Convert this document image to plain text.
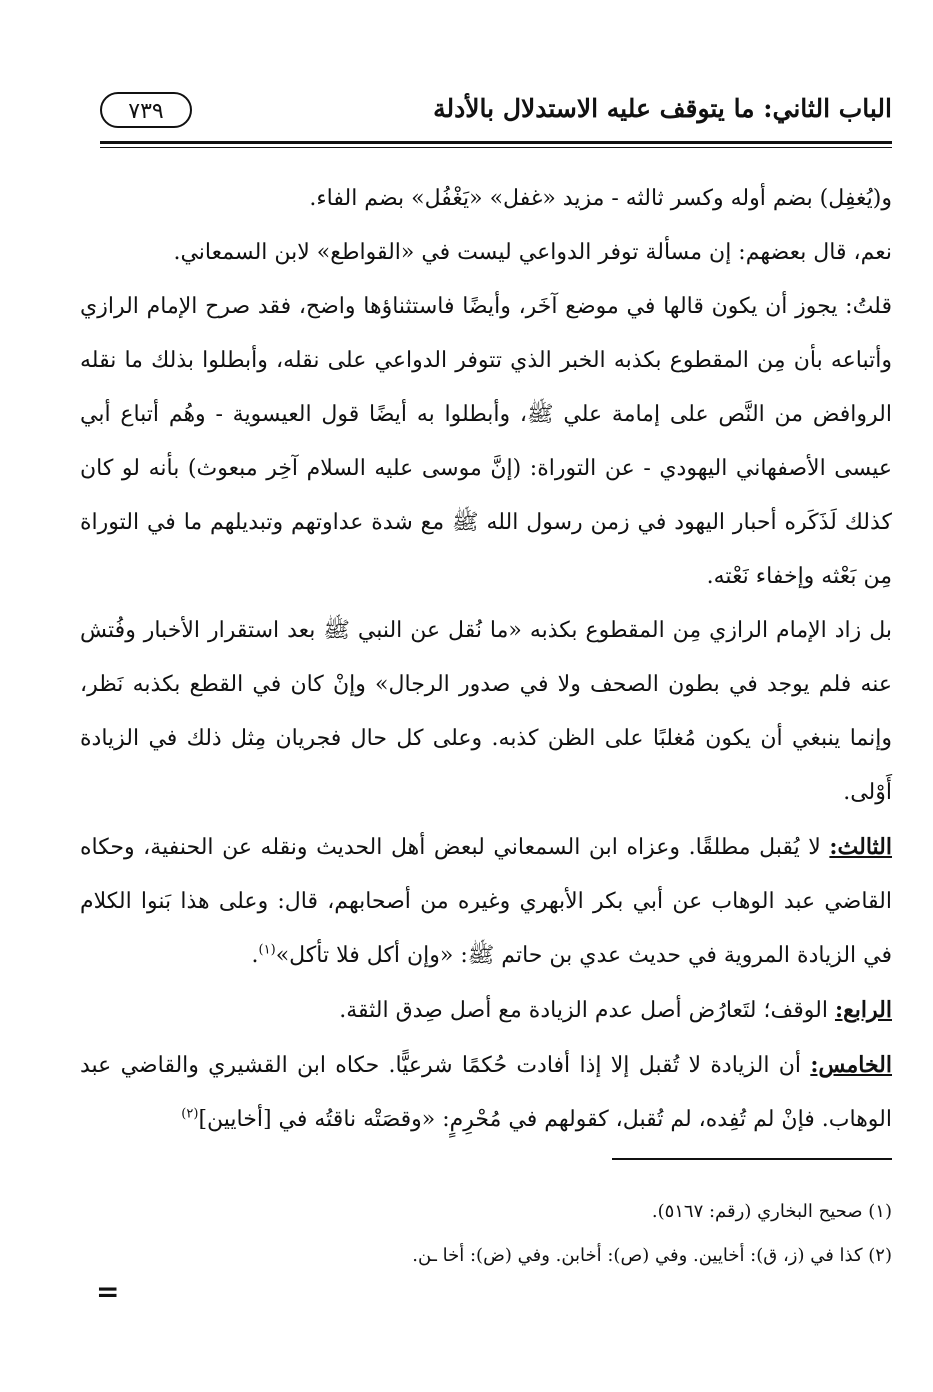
الباب الثاني: ما يتوقف عليه الاستدلال بالأدلة
٧٣٩

و(يُغفِل) بضم أوله وكسر ثالثه - مزيد «غفل» «يَغْفُل» بضم الفاء.

نعم، قال بعضهم: إن مسألة توفر الدواعي ليست في «القواطع» لابن السمعاني.

قلتُ: يجوز أن يكون قالها في موضع آخَر، وأيضًا فاستثناؤها واضح، فقد صرح الإمام الرازي وأتباعه بأن مِن المقطوع بكذبه الخبر الذي تتوفر الدواعي على نقله، وأبطلوا بذلك ما نقله الروافض من النَّص على إمامة علي ﷺ، وأبطلوا به أيضًا قول العيسوية - وهُم أتباع أبي عيسى الأصفهاني اليهودي - عن التوراة: (إنَّ موسى عليه السلام آخِر مبعوث) بأنه لو كان كذلك لَذَكَره أحبار اليهود في زمن رسول الله ﷺ مع شدة عداوتهم وتبديلهم ما في التوراة مِن بَعْثه وإخفاء نَعْته.

بل زاد الإمام الرازي مِن المقطوع بكذبه «ما نُقل عن النبي ﷺ بعد استقرار الأخبار وفُتش عنه فلم يوجد في بطون الصحف ولا في صدور الرجال» وإنْ كان في القطع بكذبه نَظر، وإنما ينبغي أن يكون مُغلبًا على الظن كذبه. وعلى كل حال فجريان مِثل ذلك في الزيادة أَوْلى.

الثالث: لا يُقبل مطلقًا. وعزاه ابن السمعاني لبعض أهل الحديث ونقله عن الحنفية، وحكاه القاضي عبد الوهاب عن أبي بكر الأبهري وغيره من أصحابهم، قال: وعلى هذا بَنوا الكلام في الزيادة المروية في حديث عدي بن حاتم ﷺ: «وإن أكل فلا تأكل»$^{(١)}$.

الرابع: الوقف؛ لتَعارُض أصل عدم الزيادة مع أصل صِدق الثقة.

الخامس: أن الزيادة لا تُقبل إلا إذا أفادت حُكمًا شرعيًّا. حكاه ابن القشيري والقاضي عبد الوهاب. فإنْ لم تُفِده، لم تُقبل، كقولهم في مُحْرِمٍ: «وقصَتْه ناقتُه في [أخايين]$^{(٢)}$

(١) صحيح البخاري (رقم: ٥١٦٧).

(٢) كذا في (ز، ق): أخايين. وفي (ص): أخابن. وفي (ض): أخا ـن.

=
